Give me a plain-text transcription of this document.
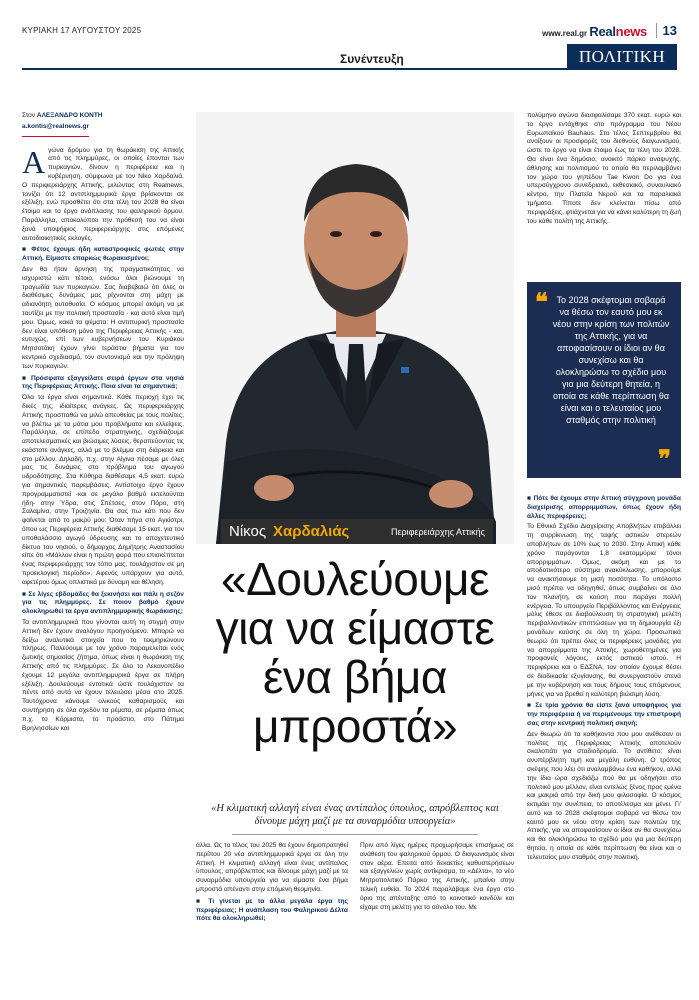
ΚΥΡΙΑΚΗ 17 ΑΥΓΟΥΣΤΟΥ 2025	www.real.gr Realnews	13
Συνέντευξη	ΠΟΛΙΤΙΚΗ
Στον ΑΛΕΞΑΝΔΡΟ ΚΟΝΤΗ
a.kontis@realnews.gr

Αγώνα δρόμου για τη θωράκιση της Αττικής από τις πλημμύρες, οι οποίες έπονται των πυρκαγιών, δίνουν η περιφέρεια και η κυβέρνηση, σύμφωνα με τον Νίκο Χαρδαλιά. Ο περιφερειάρχης Αττικής, μιλώντας στη Realnews, τονίζει ότι 12 αντιπλημμυρικά έργα βρίσκονται σε εξέλιξη, ενώ προσθέτει ότι στα τέλη του 2028 θα είναι έτοιμο και το έργο ανάπλασης του φαληρικού όρμου. Παράλληλα, αποκαλύπτει την πρόθεσή του να είναι ξανά υποψήφιος περιφερειάρχης στις επόμενες αυτοδιοικητικές εκλογές.

■ Φέτος έχουμε ήδη καταστροφικές φωτιές στην Αττική. Είμαστε επαρκώς θωρακισμένοι;

Δεν θα ήταν άρνηση της πραγματικότητας να ισχυριστώ κάτι τέτοιο, ενόσω όλοι βιώνουμε τη τραγωδία των πυρκαγιών. Σας διαβεβαιώ ότι όλες οι διαθέσιμες δυνάμεις μας ρίχνονται στη μάχη με αδιανόητη αυτοθυσία. Ο κόσμος μπορεί ακόμη να με ταυτίζει με την πολιτική προστασία - και αυτό είναι τιμή μου. Όμως, κακά τα ψέματα: Η αντιπυρική προστασία δεν είναι υπόθεση μόνο της Περιφέρειας Αττικής - και, ευτυχώς, επί των κυβερνήσεων του Κυριάκου Μητσοτάκη έχουν γίνει τεράστια βήματα για τον κεντρικό σχεδιασμό, τον συντονισμό και την πρόληψη των πυρκαγιών.

■ Πρόσφατα εξαγγείλατε σειρά έργων στα νησιά της Περιφέρειας Αττικής. Ποια είναι τα σημαντικά;

Όλα τα έργα είναι σημαντικά. Κάθε περιοχή έχει τις δικές της, ιδιαίτερες ανάγκες. Ως περιφερειάρχης Αττικής προσπαθώ να μιλώ απευθείας με τους πολίτες, να βλέπω με τα μάτια μου προβλήματα και ελλείψεις. Παράλληλα, σε επίπεδο στρατηγικής, σχεδιάζουμε αποτελεσματικές και βιώσιμες λύσεις, θεραπεύοντας τις εκάστοτε ανάγκες, αλλά με το βλέμμα στη διάρκεια και στο μέλλον. Δηλαδή, π.χ. στην Αίγινα πέσαμε με όλες μας τις δυνάμεις στο πρόβλημα του αγωγού υδροδότησης. Στα Κύθηρα διαθέσαμε 4,5 εκατ. ευρώ για σημαντικές παρεμβάσεις. Αντίστοιχο έργο έχουν προγραμματιστεί -και σε μεγάλο βαθμό εκτελούνται ήδη- στην Ύδρα, στις Σπέτσες, στον Πόρο, στη Σαλαμίνα, στην Τροιζηνία. Θα σας πω κάτι που δεν φαίνεται από το μακρύ μου: Όταν πήγα στο Αγκίστρι, όπου ως Περιφέρεια Αττικής διαθέσαμε 15 εκατ. για τον υποθαλάσσιο αγωγό ύδρευσης και το αποχετευτικό δίκτυο του νησιού, ο δήμαρχος Δημήτρης Αναστασίου είπε ότι «Μάλλον είναι η πρώτη φορά που επισκέπτεται ένας περιφερειάρχης τον τόπο μας, τουλάχιστον σε μη προεκλογική περίοδο». Αφενός υπάρχουν για αυτό, αφετέρου όμως οπλιστικά με δύναμη και θέληση.

■ Σε λίγες εβδομάδες θα ξεκινήσει και πάλι η σεζόν για τις πλημμύρες. Σε ποιον βαθμό έχουν ολοκληρωθεί τα έργα αντιπλημμυρικής θωράκισης;

Τα αντιπλημμυρικά που γίνονται αυτή τη στιγμή στην Αττική δεν έχουν αναλόγου προηγούμενο. Μπορώ να δείξω αναλυτικά στοιχεία που το τεκμηριώνουν πλήρως. Παλεύουμε με τον χρόνο παραμελείται ενός ζωτικής σημασίας ζήτημα, όπως είναι η θωράκιση της Αττικής από τις πλημμύρες. Σε όλο το Λεκανοπέδιο έχουμε 12 μεγάλα αντιπλημμυρικά έργα σε πλήρη εξέλιξη. Δουλεύουμε εντατικά ώστε τουλάχιστον τα πέντε από αυτά να έχουν τελειώσει μέσα στο 2025. Ταυτόχρονα κάνουμε ολικούς καθαρισμούς και συντήρηση σε όλα σχεδόν τα ρέματα, σε ρέματα όπως π.χ. το Κόρμιστα, το προάστιο, στο Πάτημα Βρηλησσίων και

Νίκος Χαρδαλιάς	Περιφερειάρχης Αττικής
«Δουλεύουμε
για να είμαστε
ένα βήμα
μπροστά»
«Η κλιματική αλλαγή είναι ένας αντίπαλος ύπουλος, απρόβλεπτος και δίνουμε μάχη μαζί με τα συναρμόδια υπουργεία»

άλλα. Ως το τέλος του 2025 θα έχουν δημοπρατηθεί περίπου 20 νέα αντιπλημμυρικά έργα σε όλη την Αττική. Η κλιματική αλλαγή είναι ένας αντίπαλος ύπουλος, απρόβλεπτος και δίνουμε μάχη μαζί με τα συναρμόδια υπουργεία για να είμαστε ένα βήμα μπροστά απέναντι στην επόμενη θεομηνία.

■ Τι γίνεται με τα άλλα μεγάλα έργα της περιφέρειας; Η ανάπλαση του Φαληρικού Δέλτα πότε θα ολοκληρωθεί;

Πριν από λίγες ημέρες προχωρήσαμε επισήμως σε ανάθεση του φαληρικού όρμου. Ο διαγωνισμός είναι στον αέρα. Επειτα από δεκαετίες καθυστερήσεων και εξαγγελιών χωρίς αντίκρισμα, το «Δέλτα», το νέο Μητροπολιτικό Πάρκο της Αττικής, μπαίνει στην τελική ευθεία. Το 2024 παραλάβαμε ένα έργο στο όριο της απένταξης από το κοινοτικό κονδύλι και είχαμε στη μελέτη για το σύνολο του. Με

πολύμηνο αγώνα διασφαλίσαμε 370 εκατ. ευρώ και το έργο εντάχθηκε στο πρόγραμμα του Νέου Ευρωπαϊκού Bauhaus. Στο τέλος Σεπτεμβρίου θα ανοίξουν οι προσφορές του διεθνούς διαγωνισμού, ώστε το έργο να είναι έτοιμο έως τα τέλη του 2028. Θα είναι ένα δημόσιο, ανοικτό πάρκο αναψυχής, άθλησης και πολιτισμού το οποίο θα περιλαμβάνει τον χώρο του γηπέδου Tae Kwon Do για ένα υπερσύγχρονο συνεδριακό, εκθεσιακό, συναυλιακό κέντρο, την Πλατεία Νερού και τα παραλιακά τμήματα. Τίποτε δεν κλείνεται πίσω από περιφράξεις, φτιάχνεται για να κάνει καλύτερη τη ζωή του κάθε πολίτη της Αττικής.

❝ Το 2028 σκέφτομαι σοβαρά να θέσω τον εαυτό μου εκ νέου στην κρίση των πολιτών της Αττικής, για να αποφασίσουν οι ίδιοι αν θα συνεχίσω και θα ολοκληρώσω το σχέδιο μου για μια δεύτερη θητεία, η οποία σε κάθε περίπτωση θα είναι και ο τελευταίος μου σταθμός στην πολιτική
❞

■ Πότε θα έχουμε στην Αττική σύγχρονη μονάδα διαχείρισης απορριμμάτων, όπως έχουν ήδη άλλες περιφέρειες;

Το Εθνικό Σχέδιο Διαχείρισης Αποβλήτων επιβάλλει τη συρρίκνωση της ταφής αστικών στερεών αποβλήτων σε 10% έως το 2030. Στην Αττική κάθε χρόνο παράγονται 1,8 εκατομμύρια τόνοι απορριμμάτων. Όμως, ακόμη και με το αποδοτικότερο σύστημα ανακύκλωσης, μπορούμε να ανακτήσουμε τη μισή ποσότητα. Το υπόλοιπο μισό πρέπει να οδηγηθεί, όπως συμβαίνει σε όλο τον πλανήτη, σε καύση που παράγει πολλή ενέργεια. Το υπουργείο Περιβάλλοντος και Ενέργειας μόλις έθεσε σε διαβούλευση τη στρατηγική μελέτη περιβαλλοντικών επιπτώσεων για τη δημιουργία έξι μονάδων καύσης σε όλη τη χώρα. Προσωπικά θεωρώ ότι πρέπει όλες οι περιφέρειες μονάδες για να απορρίμματα της Αττικής, χωροθετημένες για προφανείς λόγους, εκτός αστικού ιστού. Η περιφέρεια και ο ΕΔΣΝΑ, τον οποίον έχουμε θέσει σε διαδικασία εξυγίανσης, θα συνεργαστούν στενά με την κυβέρνηση και τους δήμους τους επόμενους μήνες για να βρεθεί η καλύτερη βιώσιμη λύση.

■ Σε τρία χρόνια θα είστε ξανά υποψήφιος για την περιφέρεια ή να περιμένουμε την επιστροφή σας στην κεντρική πολιτική σκηνή;

Δεν θεωρώ ότι τα καθήκοντα που μου ανέθεσαν οι πολίτες της Περιφέρειας Αττικής αποτελούν σκαλοπάτι για σταδιοδρομία. Το αντίθετο: είναι ανυπέρβλητη τιμή και μεγάλη ευθύνη. Ο τρόπος σκέψης που λέει ότι αναλαμβάνω ένα καθήκον, αλλά την ίδια ώρα σχεδιάζω πού θα με οδηγήσει στο πολιτικό μου μέλλον, είναι εντελώς ξένος προς εμένα και μακριά από την δική μου φιλοσοφία. Ο κόσμος εκτιμάει την συνέπεια, το αποτέλεσμα και μένει. Γι' αυτό και το 2028 σκέφτομαι σοβαρά να θέσω τον εαυτό μου εκ νέου στην κρίση των πολιτών της Αττικής, για να αποφασίσουν οι ίδιοι αν θα συνεχίσω και θα ολοκληρώσω το σχέδιό μου για μια δεύτερη θητεία, η οποία σε κάθε περίπτωση θα είναι και ο τελευταίος μου σταθμός στην πολιτική.
